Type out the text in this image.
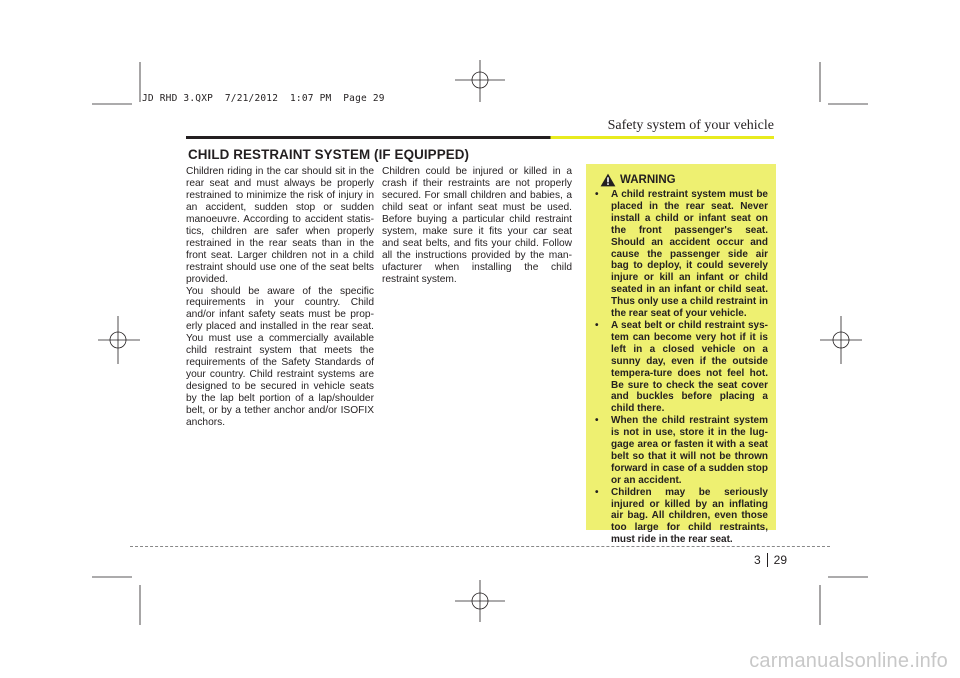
JD RHD 3.QXP  7/21/2012  1:07 PM  Page 29
Safety system of your vehicle
CHILD RESTRAINT SYSTEM (IF EQUIPPED)

Children riding in the car should sit in the rear seat and must always be properly restrained to minimize the risk of injury in an accident, sudden stop or sudden manoeuvre. According to accident statis-tics, children are safer when properly restrained in the rear seats than in the front seat. Larger children not in a child restraint should use one of the seat belts provided.

You should be aware of the specific requirements in your country. Child and/or infant safety seats must be prop-erly placed and installed in the rear seat. You must use a commercially available child restraint system that meets the requirements of the Safety Standards of your country. Child restraint systems are designed to be secured in vehicle seats by the lap belt portion of a lap/shoulder belt, or by a tether anchor and/or ISOFIX anchors.

Children could be injured or killed in a crash if their restraints are not properly secured. For small children and babies, a child seat or infant seat must be used. Before buying a particular child restraint system, make sure it fits your car seat and seat belts, and fits your child. Follow all the instructions provided by the man-ufacturer when installing the child restraint system.

WARNING
• A child restraint system must be placed in the rear seat. Never install a child or infant seat on the front passenger's seat. Should an accident occur and cause the passenger side air bag to deploy, it could severely injure or kill an infant or child seated in an infant or child seat. Thus only use a child restraint in the rear seat of your vehicle.
• A seat belt or child restraint sys-tem can become very hot if it is left in a closed vehicle on a sunny day, even if the outside tempera-ture does not feel hot. Be sure to check the seat cover and buckles before placing a child there.
• When the child restraint system is not in use, store it in the lug-gage area or fasten it with a seat belt so that it will not be thrown forward in case of a sudden stop or an accident.
• Children may be seriously injured or killed by an inflating air bag. All children, even those too large for child restraints, must ride in the rear seat.
3	29
carmanualsonline.info
